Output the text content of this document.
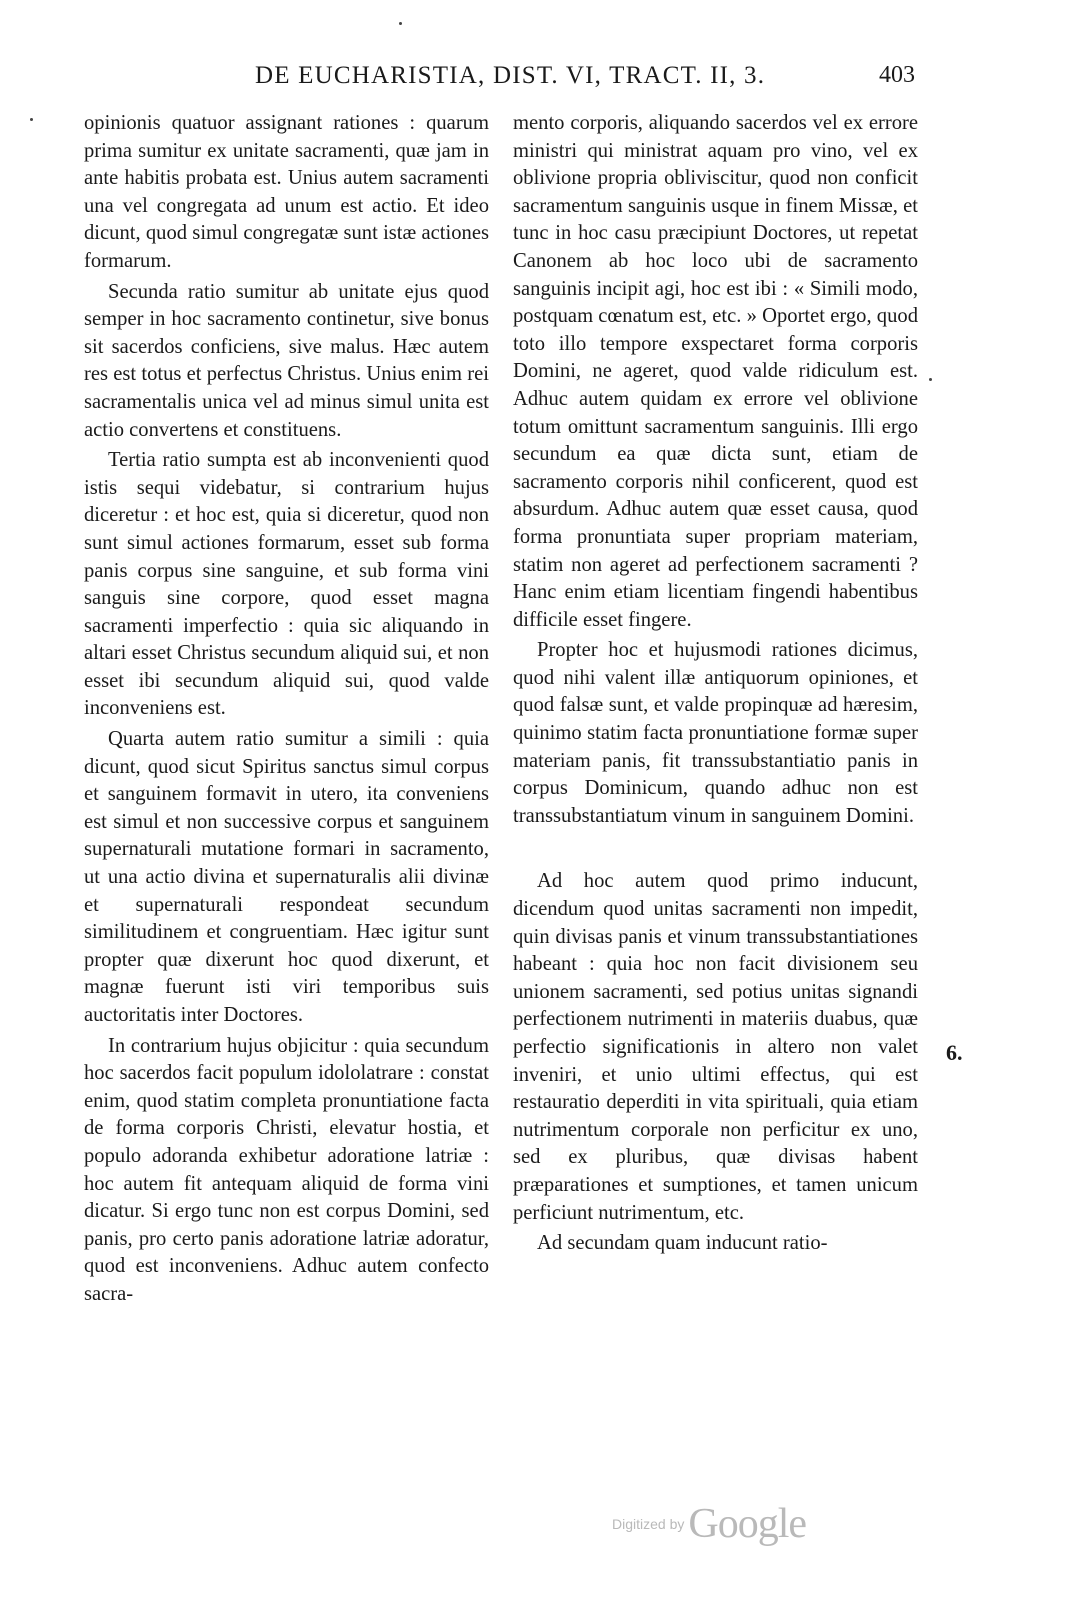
DE EUCHARISTIA, DIST. VI, TRACT. II, 3.	403

opinionis quatuor assignant rationes : quarum prima sumitur ex unitate sacramenti, quæ jam in ante habitis probata est. Unius autem sacramenti una vel congregata ad unum est actio. Et ideo dicunt, quod simul congregatæ sunt istæ actiones formarum.

Secunda ratio sumitur ab unitate ejus quod semper in hoc sacramento continetur, sive bonus sit sacerdos conficiens, sive malus. Hæc autem res est totus et perfectus Christus. Unius enim rei sacramentalis unica vel ad minus simul unita est actio convertens et constituens.

Tertia ratio sumpta est ab inconvenienti quod istis sequi videbatur, si contrarium hujus diceretur : et hoc est, quia si diceretur, quod non sunt simul actiones formarum, esset sub forma panis corpus sine sanguine, et sub forma vini sanguis sine corpore, quod esset magna sacramenti imperfectio : quia sic aliquando in altari esset Christus secundum aliquid sui, et non esset ibi secundum aliquid sui, quod valde inconveniens est.

Quarta autem ratio sumitur a simili : quia dicunt, quod sicut Spiritus sanctus simul corpus et sanguinem formavit in utero, ita conveniens est simul et non successive corpus et sanguinem supernaturali mutatione formari in sacramento, ut una actio divina et supernaturalis alii divinæ et supernaturali respondeat secundum similitudinem et congruentiam. Hæc igitur sunt propter quæ dixerunt hoc quod dixerunt, et magnæ fuerunt isti viri temporibus suis auctoritatis inter Doctores.

In contrarium hujus objicitur : quia secundum hoc sacerdos facit populum idololatrare : constat enim, quod statim completa pronuntiatione facta de forma corporis Christi, elevatur hostia, et populo adoranda exhibetur adoratione latriæ : hoc autem fit antequam aliquid de forma vini dicatur. Si ergo tunc non est corpus Domini, sed panis, pro certo panis adoratione latriæ adoratur, quod est inconveniens. Adhuc autem confecto sacra-

mento corporis, aliquando sacerdos vel ex errore ministri qui ministrat aquam pro vino, vel ex oblivione propria obliviscitur, quod non conficit sacramentum sanguinis usque in finem Missæ, et tunc in hoc casu præcipiunt Doctores, ut repetat Canonem ab hoc loco ubi de sacramento sanguinis incipit agi, hoc est ibi : « Simili modo, postquam cœnatum est, etc. » Oportet ergo, quod toto illo tempore exspectaret forma corporis Domini, ne ageret, quod valde ridiculum est. Adhuc autem quidam ex errore vel oblivione totum omittunt sacramentum sanguinis. Illi ergo secundum ea quæ dicta sunt, etiam de sacramento corporis nihil conficerent, quod est absurdum. Adhuc autem quæ esset causa, quod forma pronuntiata super propriam materiam, statim non ageret ad perfectionem sacramenti ? Hanc enim etiam licentiam fingendi habentibus difficile esset fingere.

Propter hoc et hujusmodi rationes dicimus, quod nihi valent illæ antiquorum opiniones, et quod falsæ sunt, et valde propinquæ ad hæresim, quinimo statim facta pronuntiatione formæ super materiam panis, fit transsubstantiatio panis in corpus Dominicum, quando adhuc non est transsubstantiatum vinum in sanguinem Domini.

Ad hoc autem quod primo inducunt, dicendum quod unitas sacramenti non impedit, quin divisas panis et vinum transsubstantiationes habeant : quia hoc non facit divisionem seu unionem sacramenti, sed potius unitas signandi perfectionem nutrimenti in materiis duabus, quæ perfectio significationis in altero non valet inveniri, et unio ultimi effectus, qui est restauratio deperditi in vita spirituali, quia etiam nutrimentum corporale non perficitur ex uno, sed ex pluribus, quæ divisas habent præparationes et sumptiones, et tamen unicum perficiunt nutrimentum, etc.

Ad secundam quam inducunt ratio-

6.
Digitized by Google
